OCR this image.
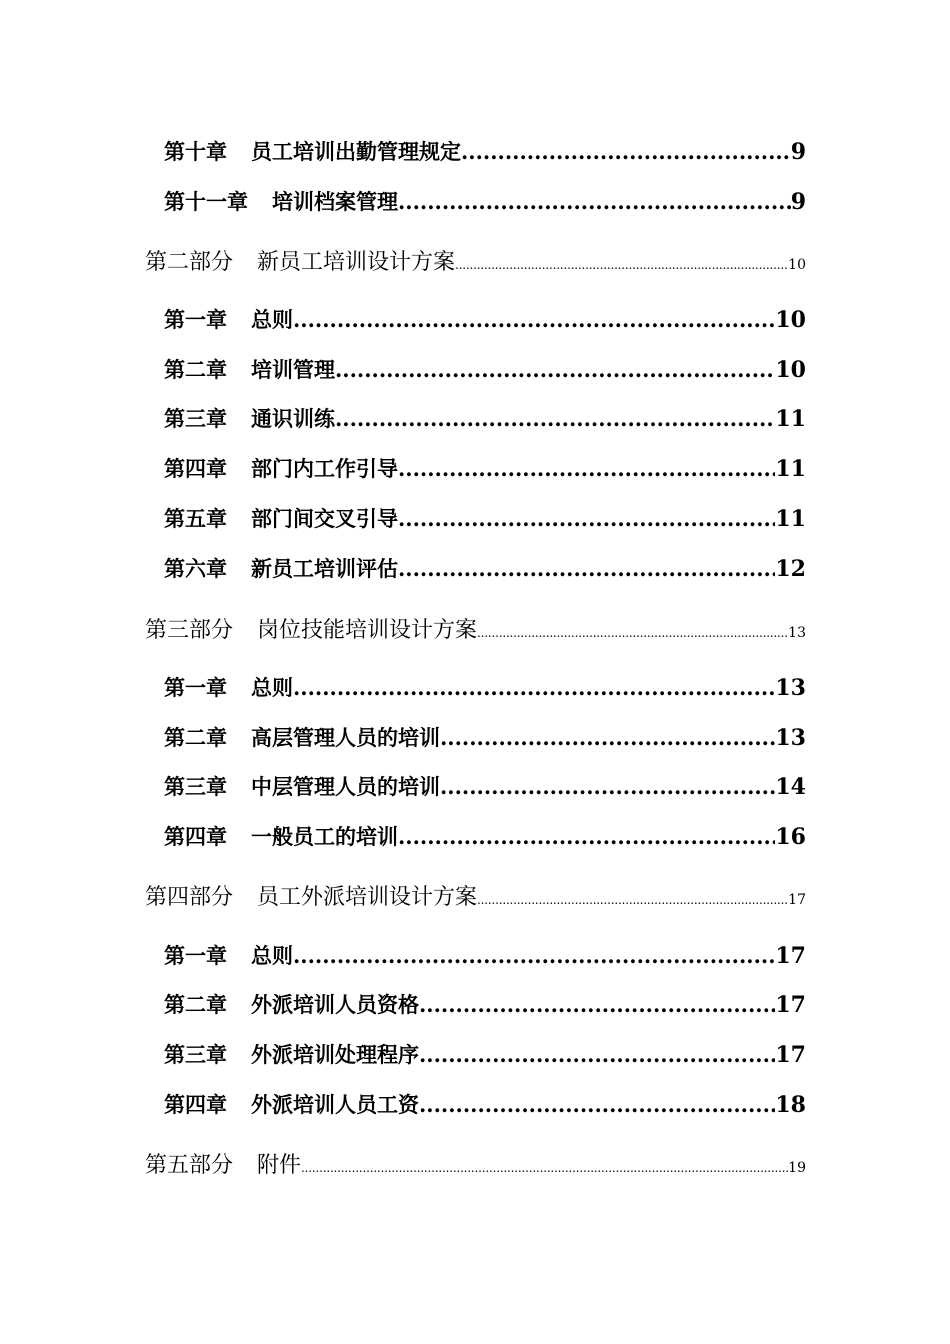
第十章 员工培训出勤管理规定 .....	9
第十一章 培训档案管理 .....	9
第二部分 新员工培训设计方案 .....	10
第一章 总则 .....	10
第二章 培训管理 .....	10
第三章 通识训练 .....	11
第四章 部门内工作引导 .....	11
第五章 部门间交叉引导 .....	11
第六章 新员工培训评估 .....	12
第三部分 岗位技能培训设计方案 .....	13
第一章 总则 .....	13
第二章 高层管理人员的培训 .....	13
第三章 中层管理人员的培训 .....	14
第四章 一般员工的培训 .....	16
第四部分 员工外派培训设计方案 .....	17
第一章 总则 .....	17
第二章 外派培训人员资格 .....	17
第三章 外派培训处理程序 .....	17
第四章 外派培训人员工资 .....	18
第五部分 附件 .....	19
